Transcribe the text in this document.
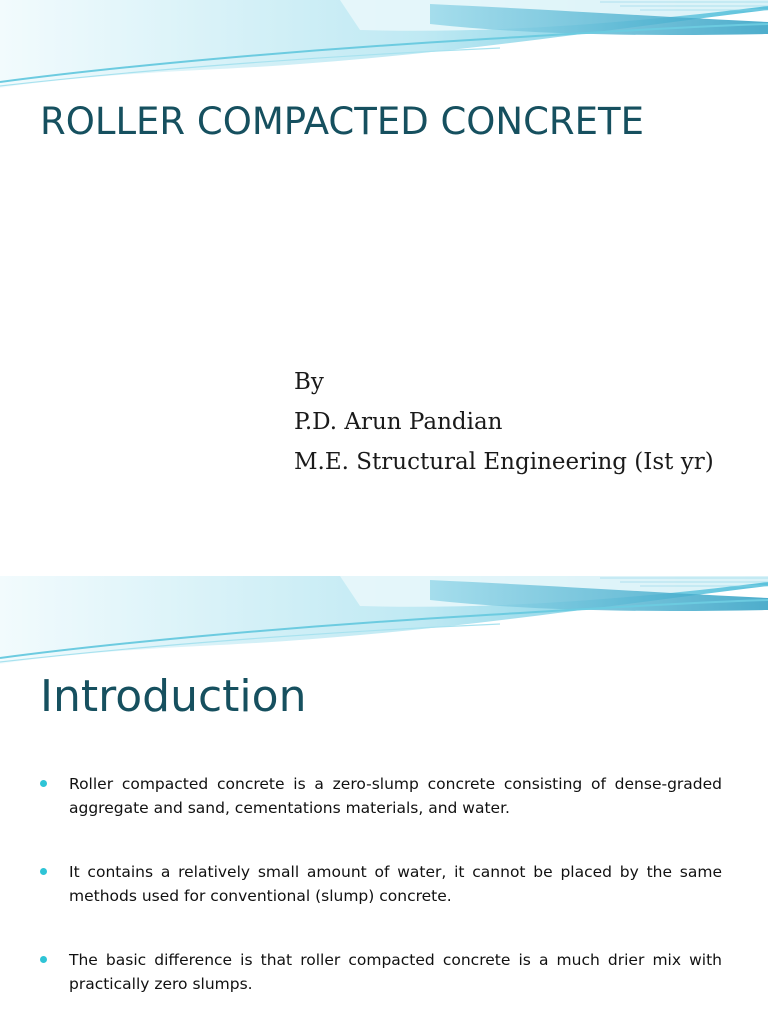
ROLLER COMPACTED CONCRETE
By
P.D. Arun Pandian
M.E. Structural Engineering (Ist yr)
Introduction
Roller compacted concrete is a zero-slump concrete consisting of dense-graded aggregate and sand, cementations materials, and water.
It contains a relatively small amount of water, it cannot be placed by the same methods used for conventional (slump) concrete.
The basic difference is that roller compacted concrete is a much drier mix with practically zero slumps.
